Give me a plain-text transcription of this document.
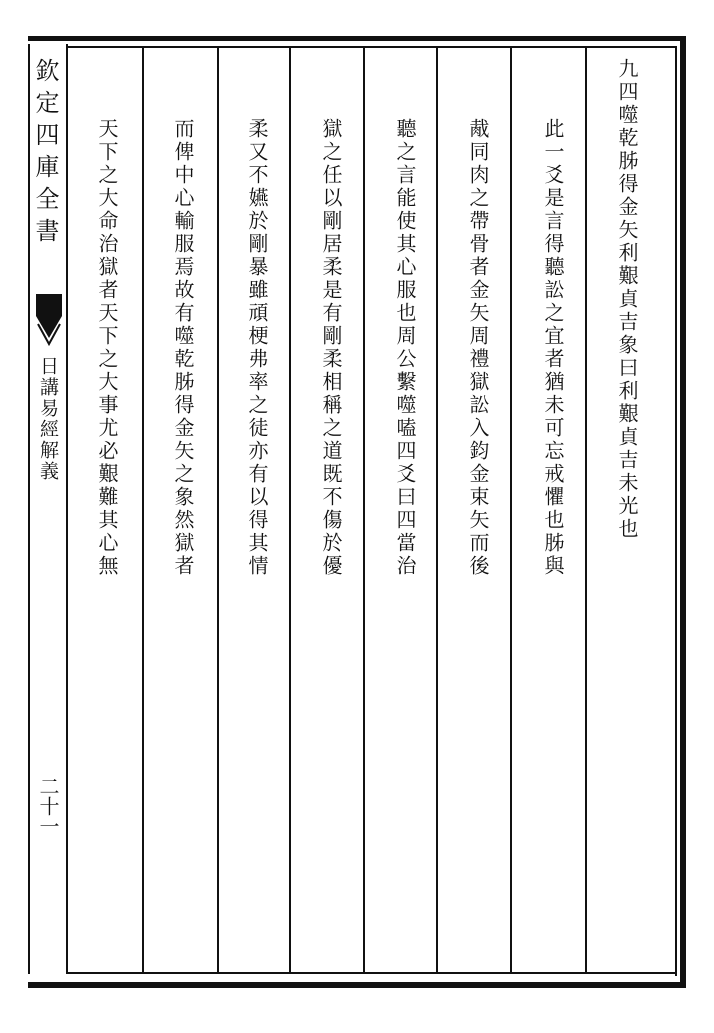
欽定四庫全書
日講易經解義
二十一
九四噬乾胏得金矢利艱貞吉象曰利艱貞吉未光也
此一爻是言得聽訟之宜者猶未可忘戒懼也胏與
胾同肉之帶骨者金矢周禮獄訟入鈞金束矢而後
聽之言能使其心服也周公繫噬嗑四爻曰四當治
獄之任以剛居柔是有剛柔相稱之道既不傷於優
柔又不嬿於剛暴雖頑梗弗率之徒亦有以得其情
而俾中心輸服焉故有噬乾胏得金矢之象然獄者
天下之大命治獄者天下之大事尤必艱難其心無
